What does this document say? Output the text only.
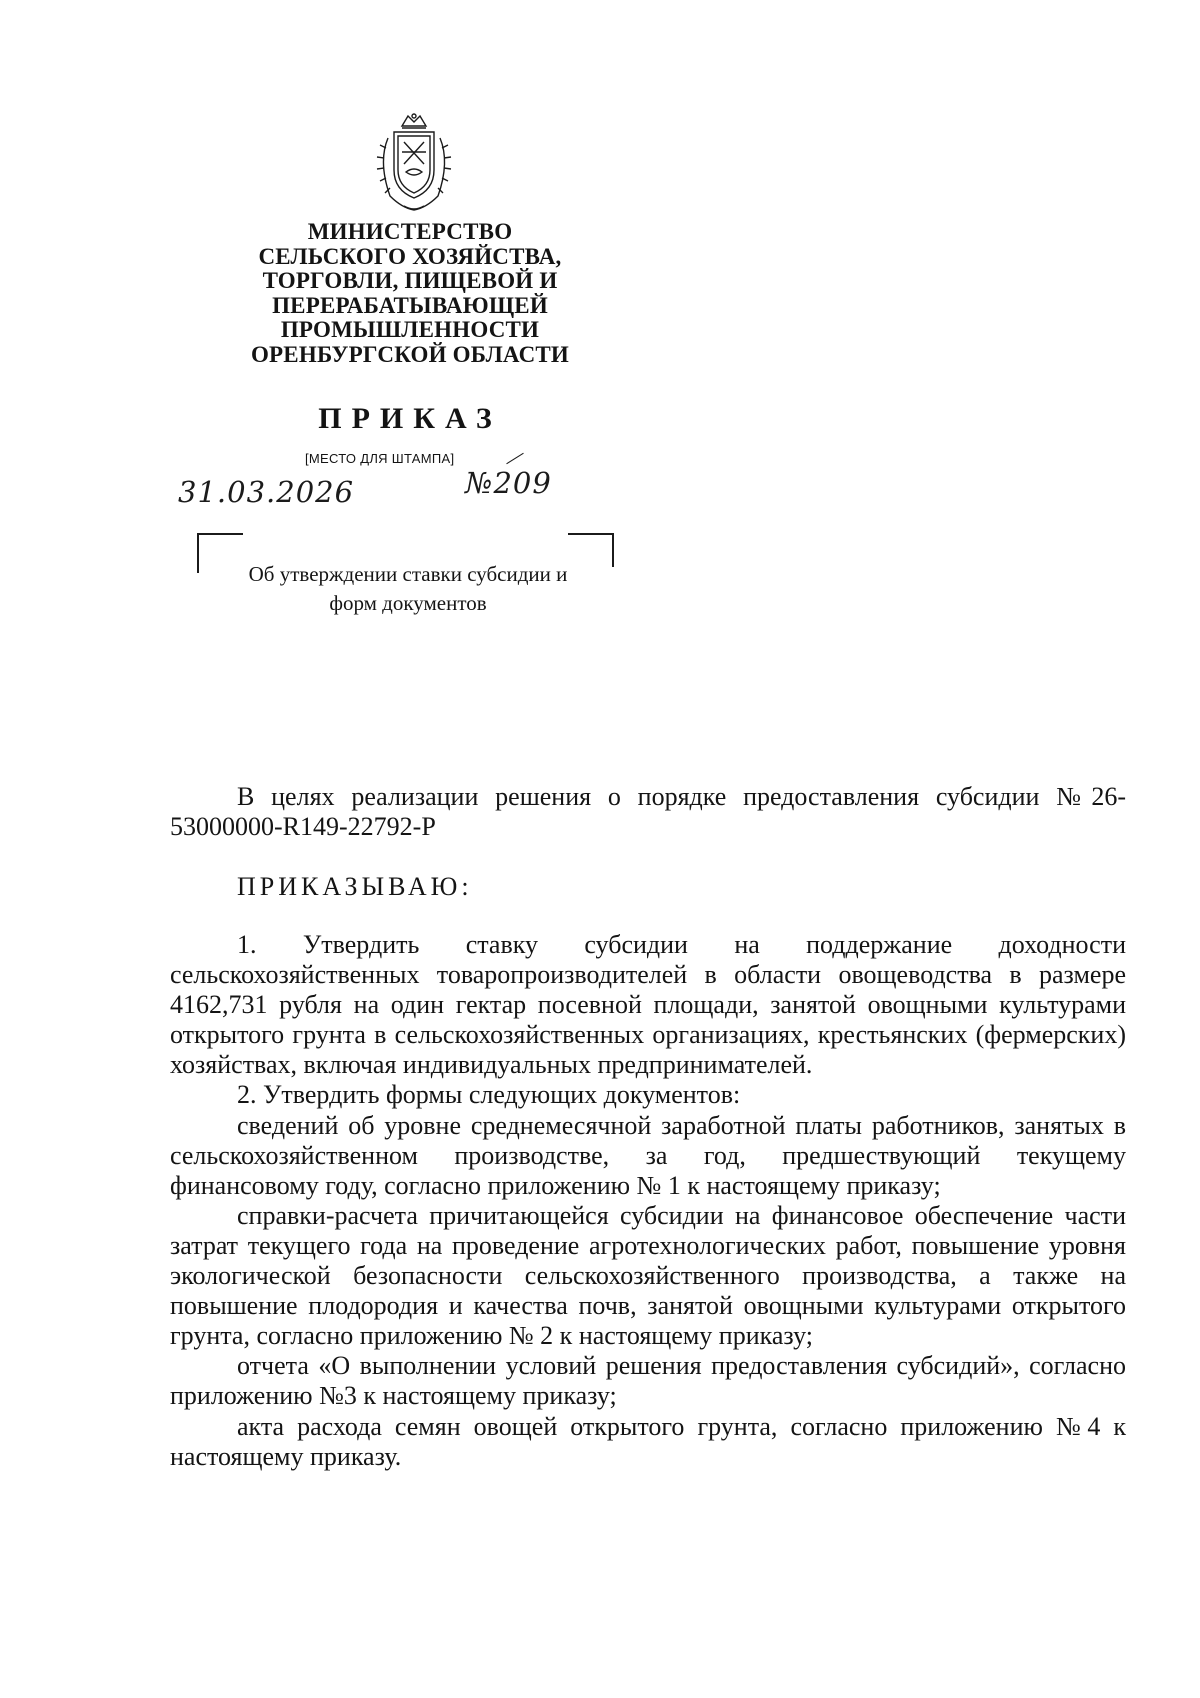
МИНИСТЕРСТВО
СЕЛЬСКОГО ХОЗЯЙСТВА,
ТОРГОВЛИ, ПИЩЕВОЙ И
ПЕРЕРАБАТЫВАЮЩЕЙ
ПРОМЫШЛЕННОСТИ
ОРЕНБУРГСКОЙ ОБЛАСТИ
ПРИКАЗ
[МЕСТО ДЛЯ ШТАМПА]
31.03.2026	№209
Об утверждении ставки субсидии и
форм документов

В целях реализации решения о порядке предоставления субсидии №26-53000000-R149-22792-Р

ПРИКАЗЫВАЮ:

1. Утвердить ставку субсидии на поддержание доходности сельскохозяйственных товаропроизводителей в области овощеводства в размере 4162,731 рубля на один гектар посевной площади, занятой овощными культурами открытого грунта в сельскохозяйственных организациях, крестьянских (фермерских) хозяйствах, включая индивидуальных предпринимателей.

2. Утвердить формы следующих документов:

сведений об уровне среднемесячной заработной платы работников, занятых в сельскохозяйственном производстве, за год, предшествующий текущему финансовому году, согласно приложению № 1 к настоящему приказу;

справки-расчета причитающейся субсидии на финансовое обеспечение части затрат текущего года на проведение агротехнологических работ, повышение уровня экологической безопасности сельскохозяйственного производства, а также на повышение плодородия и качества почв, занятой овощными культурами открытого грунта, согласно приложению № 2 к настоящему приказу;

отчета «О выполнении условий решения предоставления субсидий», согласно приложению №3 к настоящему приказу;

акта расхода семян овощей открытого грунта, согласно приложению №4 к настоящему приказу.
